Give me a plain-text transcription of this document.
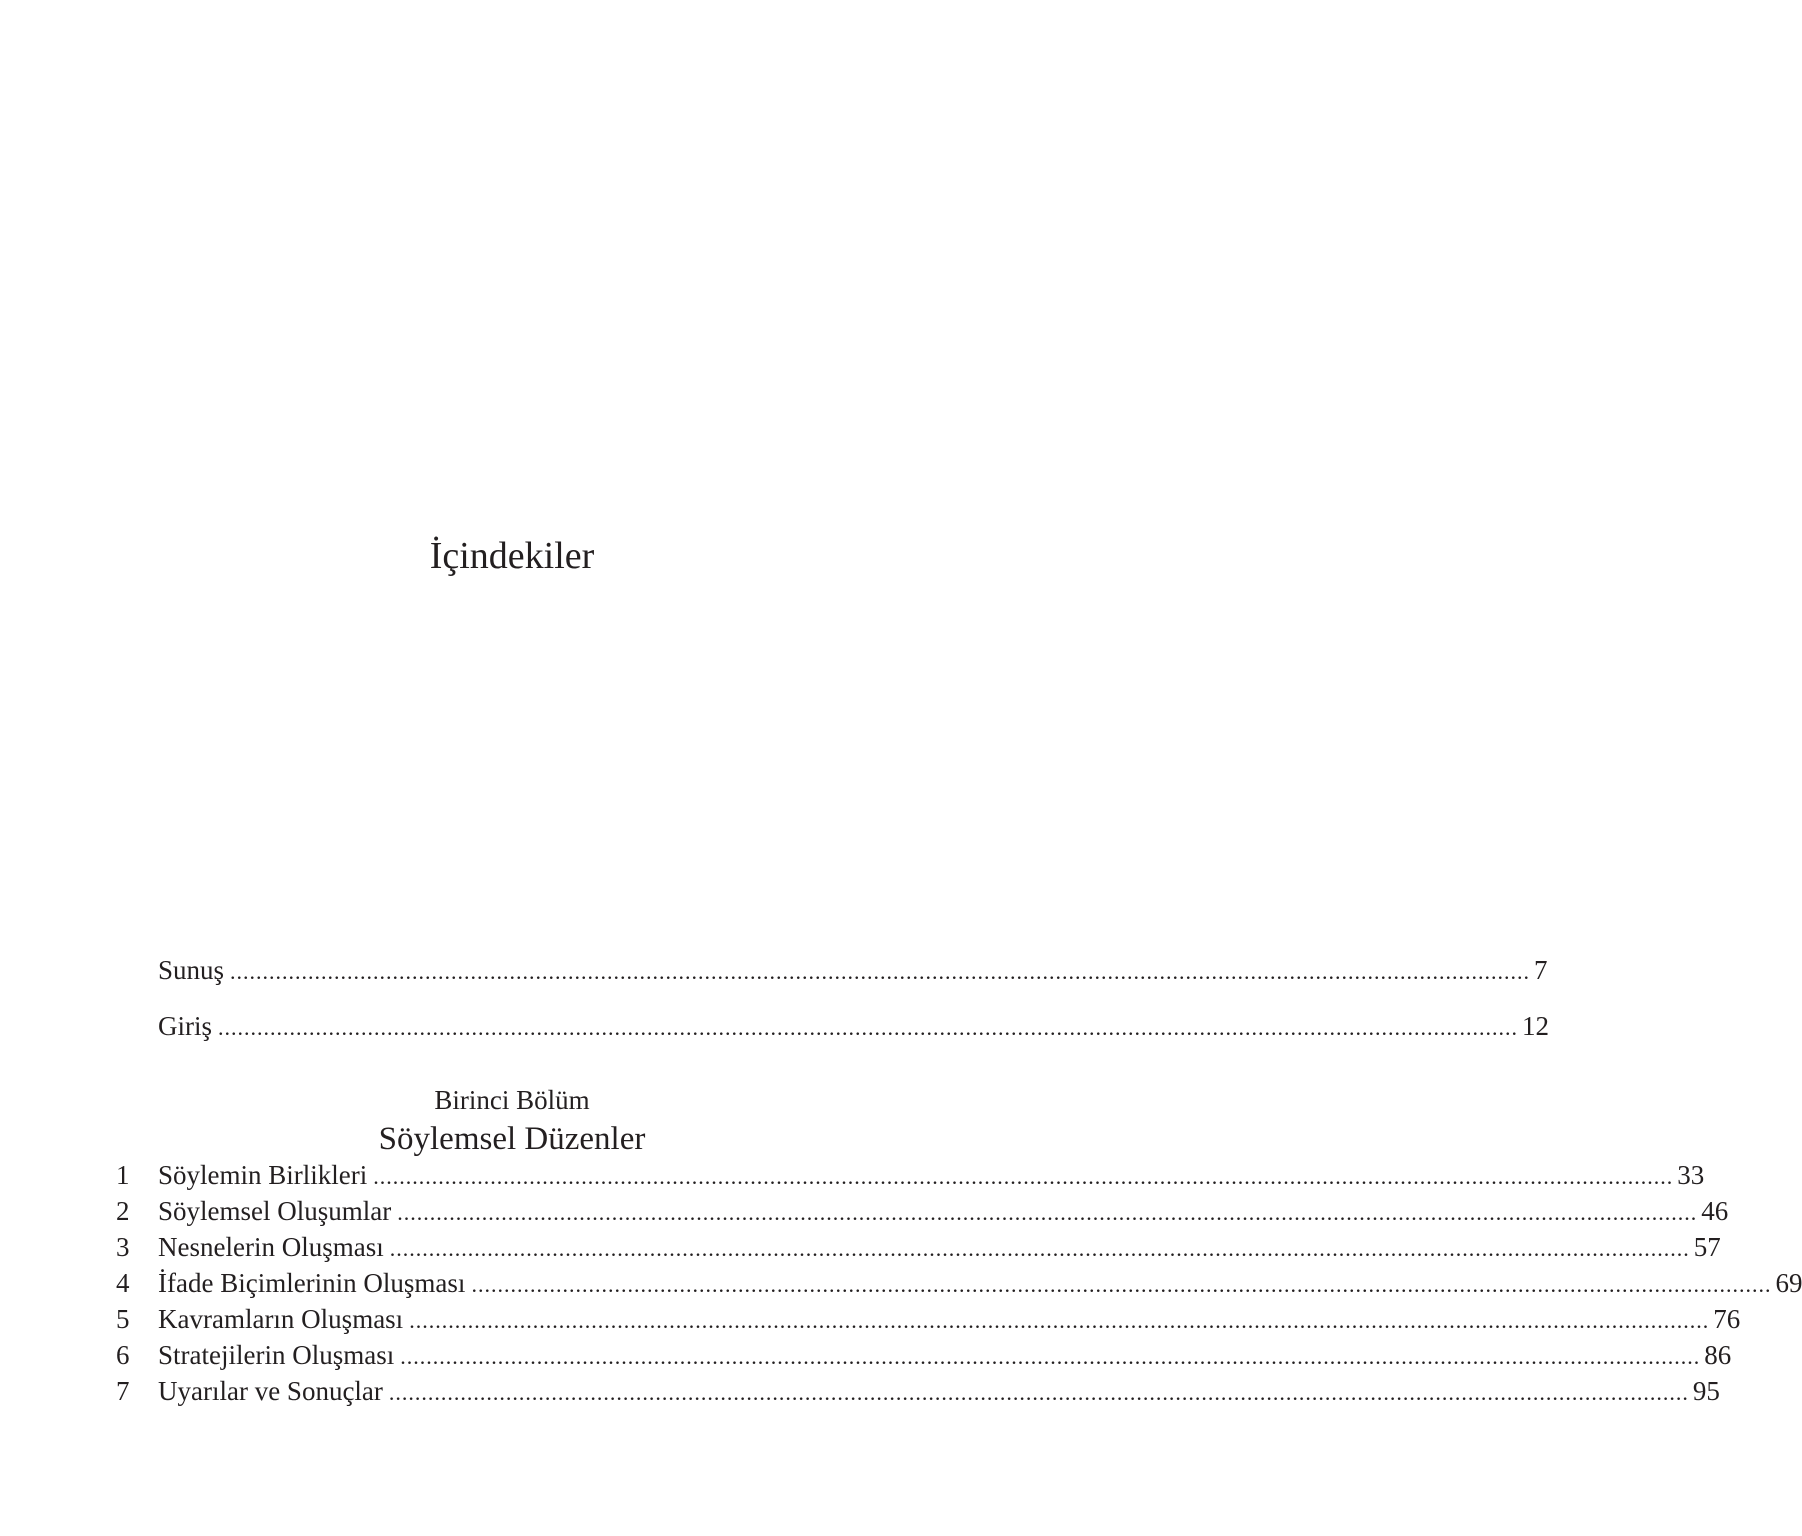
İçindekiler
Sunuş ........................................................................................................................................................................................................ 7
Giriş ........................................................................................................................................................................................................ 12
Birinci Bölüm
Söylemsel Düzenler
1	Söylemin Birlikleri ........................................................................................................................................................................................................ 33
2	Söylemsel Oluşumlar ........................................................................................................................................................................................................ 46
3	Nesnelerin Oluşması ........................................................................................................................................................................................................ 57
4	İfade Biçimlerinin Oluşması ........................................................................................................................................................................................................ 69
5	Kavramların Oluşması ........................................................................................................................................................................................................ 76
6	Stratejilerin Oluşması ........................................................................................................................................................................................................ 86
7	Uyarılar ve Sonuçlar ........................................................................................................................................................................................................ 95
